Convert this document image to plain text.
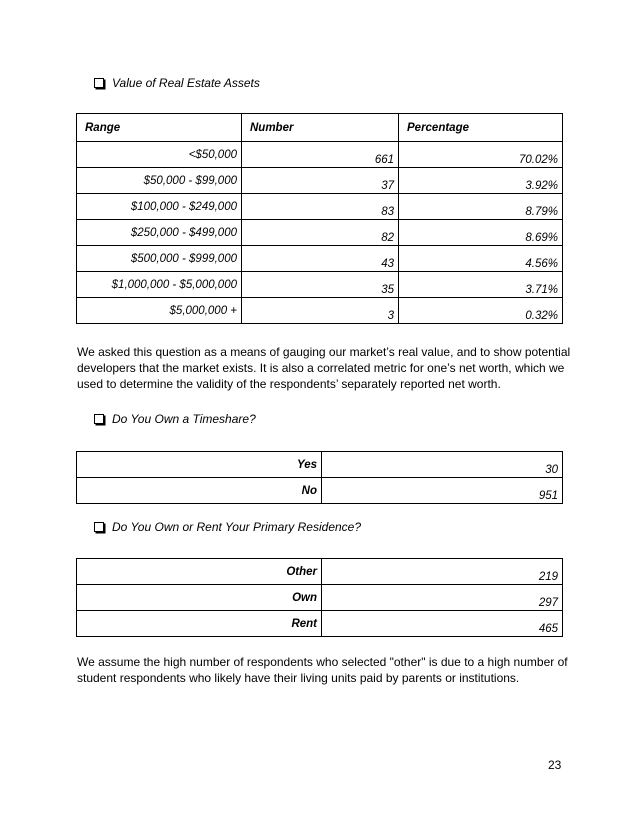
Value of Real Estate Assets
Range	Number	Percentage
<$50,000	661	70.02%
$50,000 - $99,000	37	3.92%
$100,000 - $249,000	83	8.79%
$250,000 - $499,000	82	8.69%
$500,000 - $999,000	43	4.56%
$1,000,000 - $5,000,000	35	3.71%
$5,000,000 +	3	0.32%

We asked this question as a means of gauging our market’s real value, and to show potential developers that the market exists. It is also a correlated metric for one’s net worth, which we used to determine the validity of the respondents’ separately reported net worth.

Do You Own a Timeshare?
Yes	30
No	951
Do You Own or Rent Your Primary Residence?
Other	219
Own	297
Rent	465

We assume the high number of respondents who selected "other" is due to a high number of student respondents who likely have their living units paid by parents or institutions.

23
